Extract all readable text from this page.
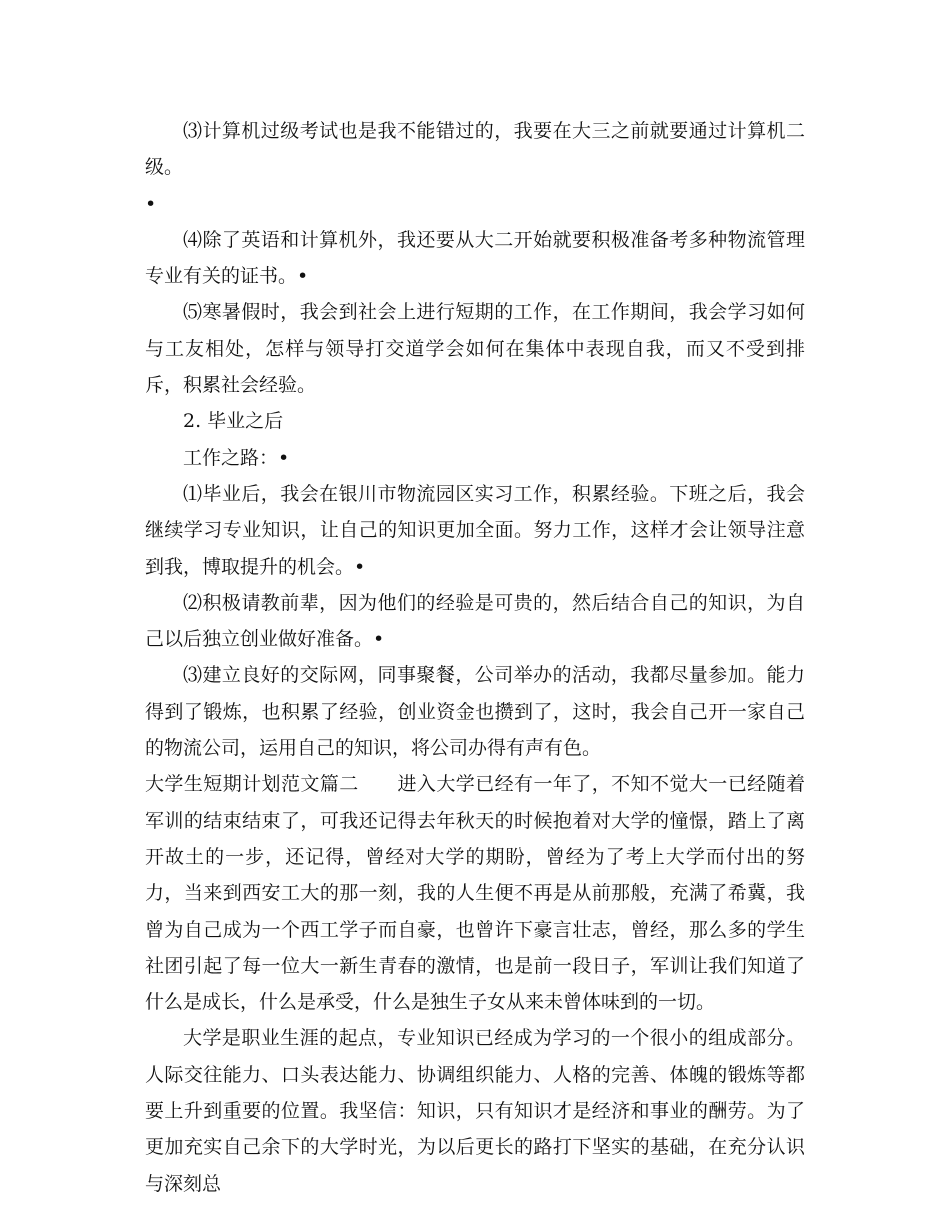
⑶计算机过级考试也是我不能错过的，我要在大三之前就要通过计算机二级。

•

⑷除了英语和计算机外，我还要从大二开始就要积极准备考多种物流管理专业有关的证书。•

⑸寒暑假时，我会到社会上进行短期的工作，在工作期间，我会学习如何与工友相处，怎样与领导打交道学会如何在集体中表现自我，而又不受到排斥，积累社会经验。

2. 毕业之后

工作之路：•

⑴毕业后，我会在银川市物流园区实习工作，积累经验。下班之后，我会继续学习专业知识，让自己的知识更加全面。努力工作，这样才会让领导注意到我，博取提升的机会。•

⑵积极请教前辈，因为他们的经验是可贵的，然后结合自己的知识，为自己以后独立创业做好准备。•

⑶建立良好的交际网，同事聚餐，公司举办的活动，我都尽量参加。能力得到了锻炼，也积累了经验，创业资金也攒到了，这时，我会自己开一家自己的物流公司，运用自己的知识，将公司办得有声有色。

大学生短期计划范文篇二　　进入大学已经有一年了，不知不觉大一已经随着军训的结束结束了，可我还记得去年秋天的时候抱着对大学的憧憬，踏上了离开故土的一步，还记得，曾经对大学的期盼，曾经为了考上大学而付出的努力，当来到西安工大的那一刻，我的人生便不再是从前那般，充满了希冀，我曾为自己成为一个西工学子而自豪，也曾许下豪言壮志，曾经，那么多的学生社团引起了每一位大一新生青春的激情，也是前一段日子，军训让我们知道了什么是成长，什么是承受，什么是独生子女从来未曾体味到的一切。

大学是职业生涯的起点，专业知识已经成为学习的一个很小的组成部分。人际交往能力、口头表达能力、协调组织能力、人格的完善、体魄的锻炼等都要上升到重要的位置。我坚信：知识，只有知识才是经济和事业的酬劳。为了更加充实自己余下的大学时光，为以后更长的路打下坚实的基础，在充分认识与深刻总
